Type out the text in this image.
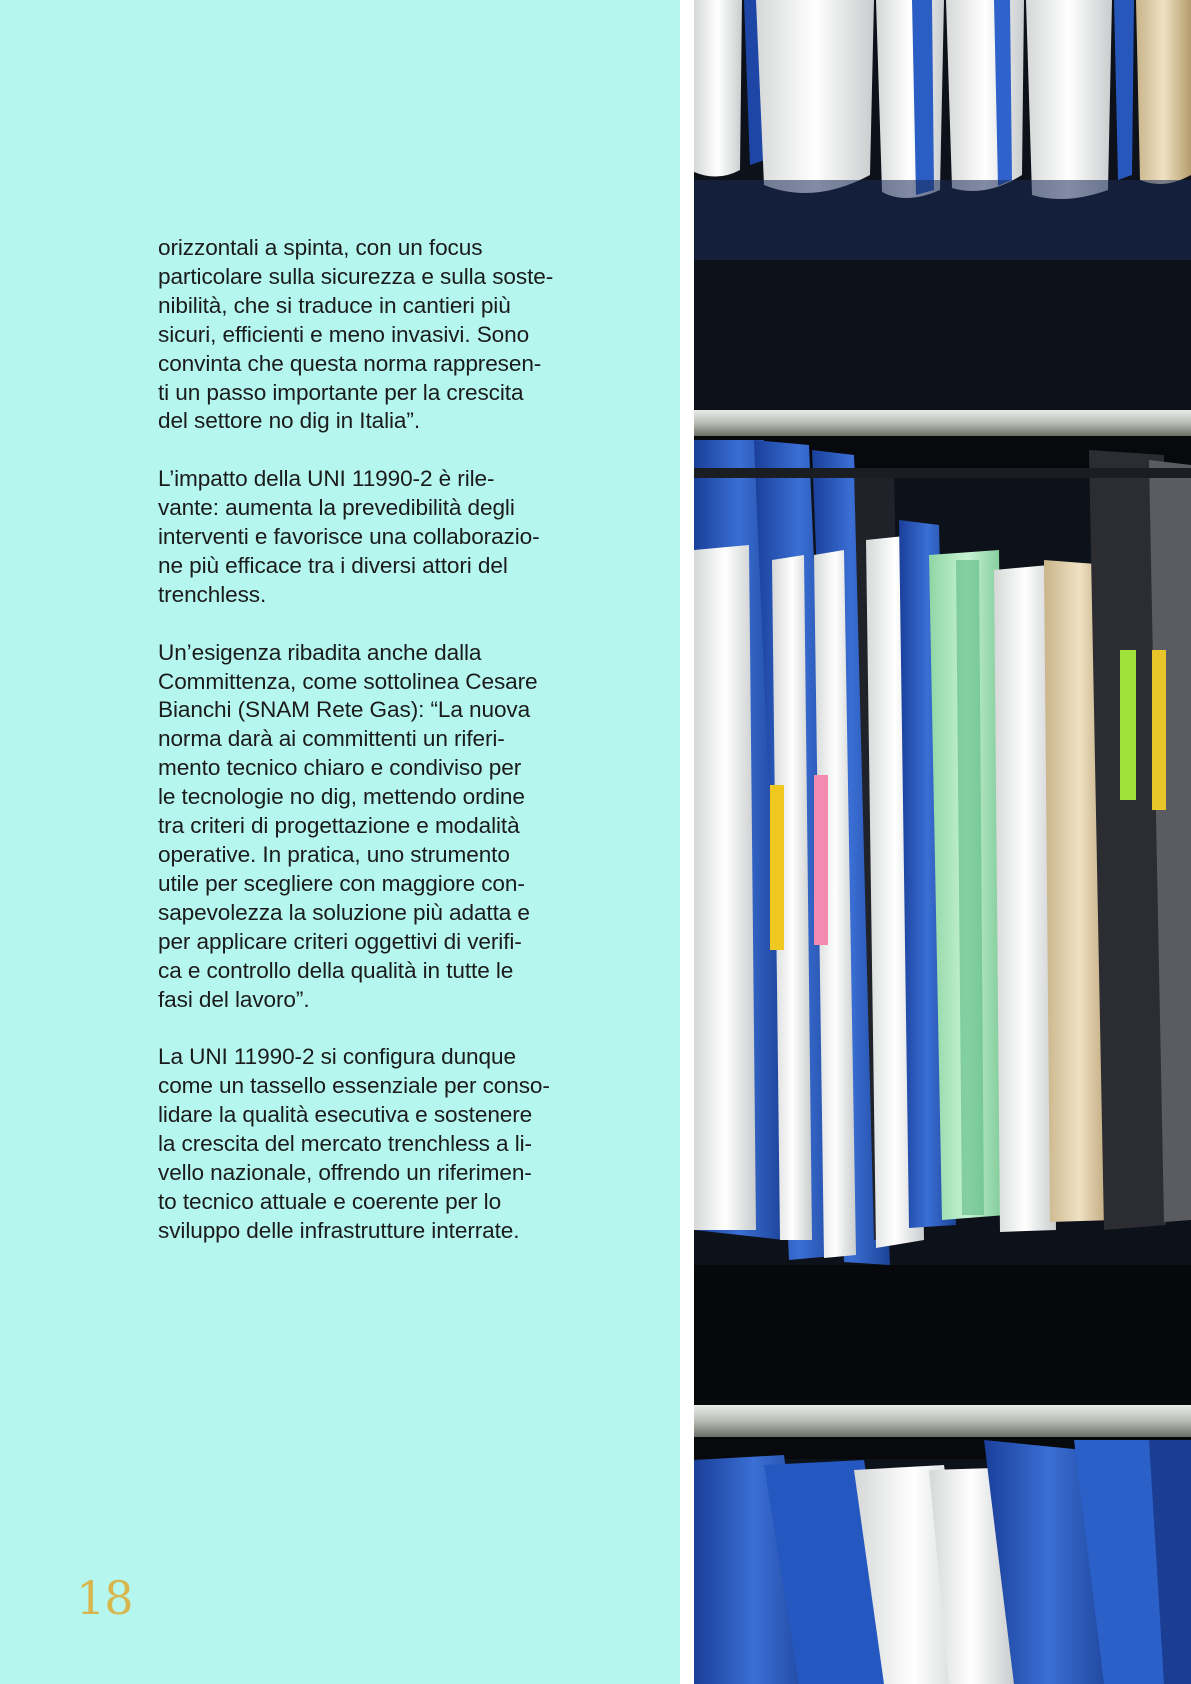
orizzontali a spinta, con un focus
particolare sulla sicurezza e sulla soste-
nibilità, che si traduce in cantieri più
sicuri, efficienti e meno invasivi. Sono
convinta che questa norma rappresen-
ti un passo importante per la crescita
del settore no dig in Italia”.

L’impatto della UNI 11990-2 è rile-
vante: aumenta la prevedibilità degli
interventi e favorisce una collaborazio-
ne più efficace tra i diversi attori del
trenchless.

Un’esigenza ribadita anche dalla
Committenza, come sottolinea Cesare
Bianchi (SNAM Rete Gas): “La nuova
norma darà ai committenti un riferi-
mento tecnico chiaro e condiviso per
le tecnologie no dig, mettendo ordine
tra criteri di progettazione e modalità
operative. In pratica, uno strumento
utile per scegliere con maggiore con-
sapevolezza la soluzione più adatta e
per applicare criteri oggettivi di verifi-
ca e controllo della qualità in tutte le
fasi del lavoro”.

La UNI 11990-2 si configura dunque
come un tassello essenziale per conso-
lidare la qualità esecutiva e sostenere
la crescita del mercato trenchless a li-
vello nazionale, offrendo un riferimen-
to tecnico attuale e coerente per lo
sviluppo delle infrastrutture interrate.

18
